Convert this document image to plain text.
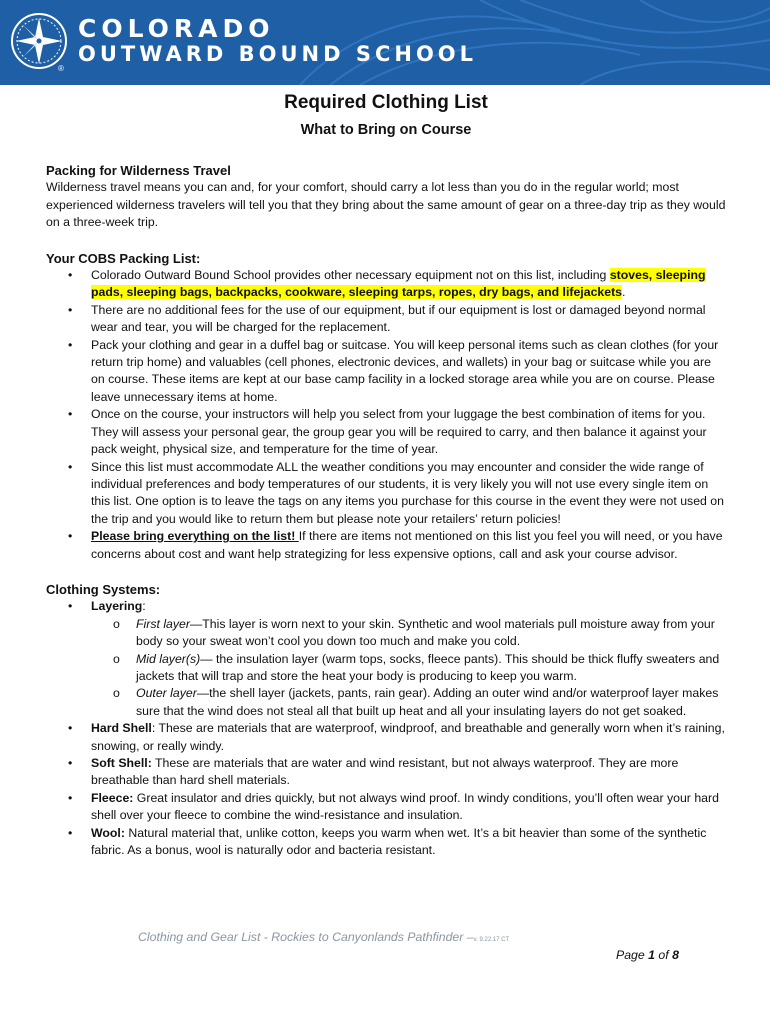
COLORADO
OUTWARD BOUND SCHOOL
®
Required Clothing List
What to Bring on Course
Packing for Wilderness Travel

Wilderness travel means you can and, for your comfort, should carry a lot less than you do in the regular world; most experienced wilderness travelers will tell you that they bring about the same amount of gear on a three-day trip as they would on a three-week trip.

Your COBS Packing List:
• Colorado Outward Bound School provides other necessary equipment not on this list, including stoves, sleeping pads, sleeping bags, backpacks, cookware, sleeping tarps, ropes, dry bags, and lifejackets.
• There are no additional fees for the use of our equipment, but if our equipment is lost or damaged beyond normal wear and tear, you will be charged for the replacement.
• Pack your clothing and gear in a duffel bag or suitcase. You will keep personal items such as clean clothes (for your return trip home) and valuables (cell phones, electronic devices, and wallets) in your bag or suitcase while you are on course. These items are kept at our base camp facility in a locked storage area while you are on course. Please leave unnecessary items at home.
• Once on the course, your instructors will help you select from your luggage the best combination of items for you. They will assess your personal gear, the group gear you will be required to carry, and then balance it against your pack weight, physical size, and temperature for the time of year.
• Since this list must accommodate ALL the weather conditions you may encounter and consider the wide range of individual preferences and body temperatures of our students, it is very likely you will not use every single item on this list. One option is to leave the tags on any items you purchase for this course in the event they were not used on the trip and you would like to return them but please note your retailers’ return policies!
• Please bring everything on the list! If there are items not mentioned on this list you feel you will need, or you have concerns about cost and want help strategizing for less expensive options, call and ask your course advisor.
Clothing Systems:
• Layering:
o First layer—This layer is worn next to your skin. Synthetic and wool materials pull moisture away from your body so your sweat won’t cool you down too much and make you cold.
o Mid layer(s)— the insulation layer (warm tops, socks, fleece pants). This should be thick fluffy sweaters and jackets that will trap and store the heat your body is producing to keep you warm.
o Outer layer—the shell layer (jackets, pants, rain gear). Adding an outer wind and/or waterproof layer makes sure that the wind does not steal all that built up heat and all your insulating layers do not get soaked.
• Hard Shell: These are materials that are waterproof, windproof, and breathable and generally worn when it’s raining, snowing, or really windy.
• Soft Shell: These are materials that are water and wind resistant, but not always waterproof. They are more breathable than hard shell materials.
• Fleece: Great insulator and dries quickly, but not always wind proof. In windy conditions, you’ll often wear your hard shell over your fleece to combine the wind-resistance and insulation.
• Wool: Natural material that, unlike cotton, keeps you warm when wet. It’s a bit heavier than some of the synthetic fabric. As a bonus, wool is naturally odor and bacteria resistant.
Clothing and Gear List - Rockies to Canyonlands Pathfinder –v. 9.22.17 CT
Page 1 of 8
